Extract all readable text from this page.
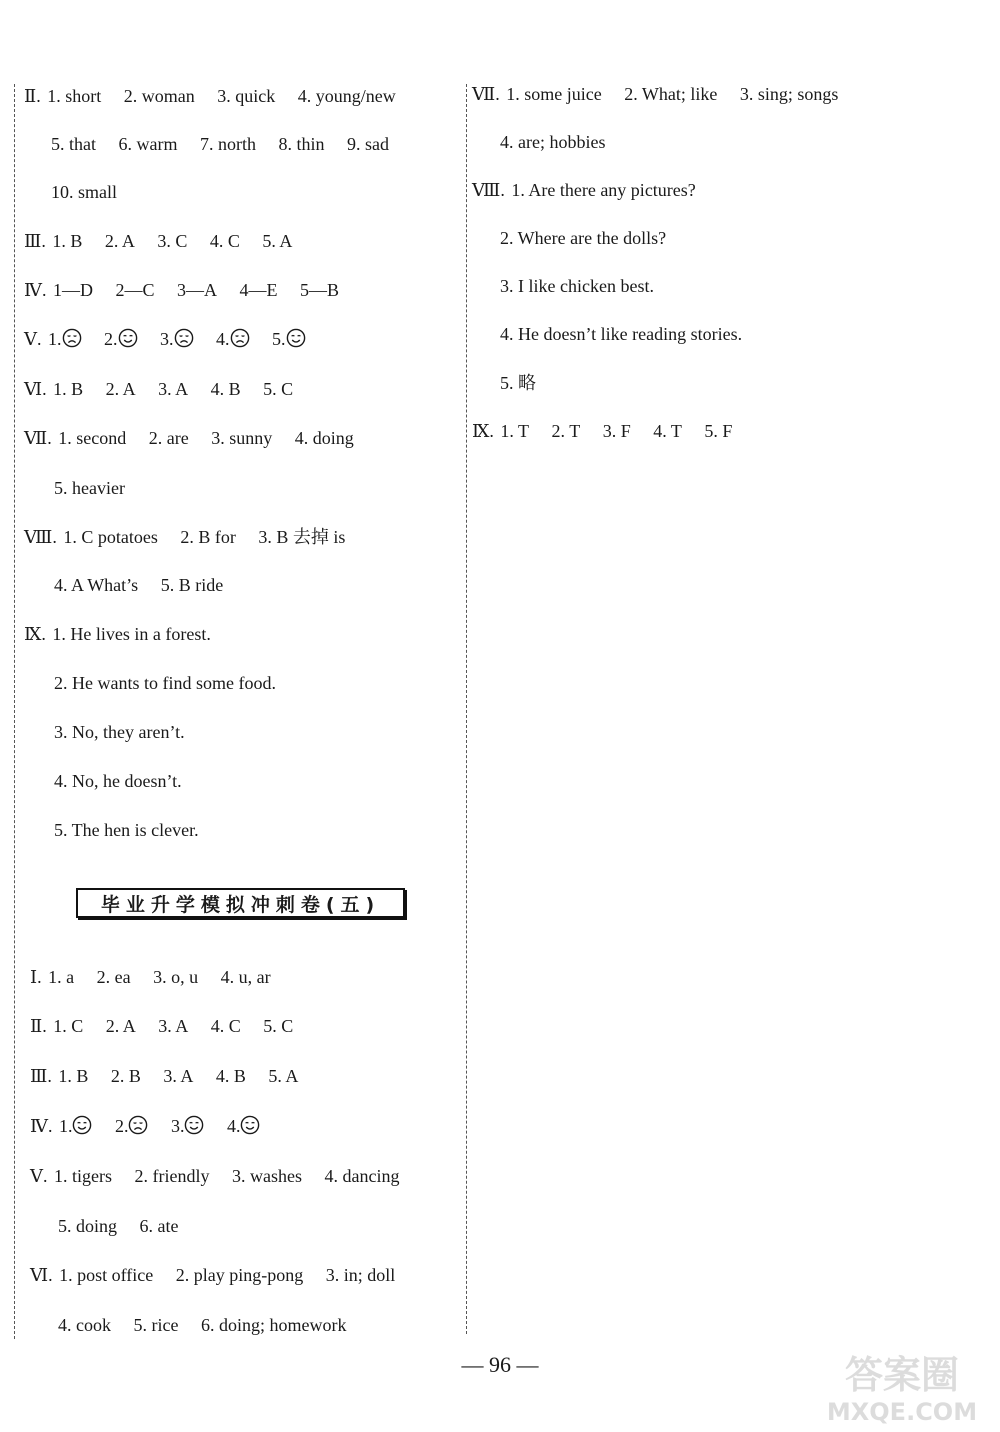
Ⅱ. 1. short 2. woman 3. quick 4. young/new
5. that 6. warm 7. north 8. thin 9. sad
10. small
Ⅲ. 1. B 2. A 3. C 4. C 5. A
Ⅳ. 1—D 2—C 3—A 4—E 5—B
Ⅴ. 1. 2. 3. 4. 5.
Ⅵ. 1. B 2. A 3. A 4. B 5. C
Ⅶ. 1. second 2. are 3. sunny 4. doing
5. heavier
Ⅷ. 1. C potatoes 2. B for 3. B 去掉 is
4. A What’s 5. B ride
Ⅸ. 1. He lives in a forest.
2. He wants to find some food.
3. No, they aren’t.
4. No, he doesn’t.
5. The hen is clever.
毕业升学模拟冲刺卷(五)
Ⅰ. 1. a 2. ea 3. o, u 4. u, ar
Ⅱ. 1. C 2. A 3. A 4. C 5. C
Ⅲ. 1. B 2. B 3. A 4. B 5. A
Ⅳ. 1. 2. 3. 4.
Ⅴ. 1. tigers 2. friendly 3. washes 4. dancing
5. doing 6. ate
Ⅵ. 1. post office 2. play ping-pong 3. in; doll
4. cook 5. rice 6. doing; homework
Ⅶ. 1. some juice 2. What; like 3. sing; songs
4. are; hobbies
Ⅷ. 1. Are there any pictures?
2. Where are the dolls?
3. I like chicken best.
4. He doesn’t like reading stories.
5. 略
Ⅸ. 1. T 2. T 3. F 4. T 5. F
— 96 —	答案圈
MXQE.COM
